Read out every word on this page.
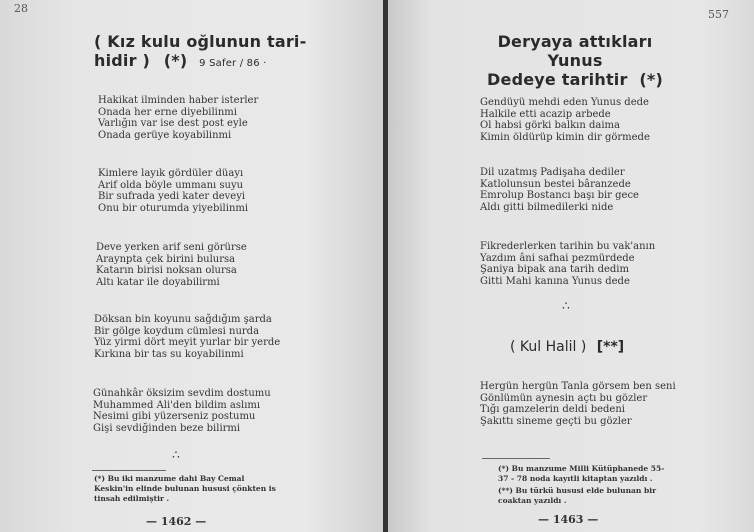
28
( Kız kulu oğlunun tari-
hidir ) (*) 9 Safer / 86 ·
Hakikat ilminden haber isterler
Onada her erne diyebilinmi
Varlığın var ise dest post eyle
Onada gerüye koyabilinmi
Kimlere layık gördüler düayı
Arif olda böyle ummanı suyu
Bir sufrada yedi kater deveyi
Onu bir oturumda yiyebilinmi
Deve yerken arif seni görürse
Araynpta çek birini bulursa
Katarın birisi noksan olursa
Altı katar ile doyabilirmi
Döksan bin koyunu sağdığım şarda
Bir gölge koydum cümlesi nurda
Yüz yirmi dört meyit yurlar bir yerde
Kırkına bir tas su koyabilinmi
Günahkâr öksizim sevdim dostumu
Muhammed Ali'den bildim aslımı
Nesimi gibi yüzerseniz postumu
Gişi sevdiğinden beze bilirmi
∴
(*) Bu iki manzume dahi Bay Cemal
Keskin'in elinde bulunan hususi çönkten is
tinsah edilmiştir .
— 1462 —
557
Deryaya attıkları Yunus
Dedeye tarihtir (*)
Gendüyü mehdi eden Yunus dede
Halkile etti acazip arbede
Ol habsi görki balkın daima
Kimin öldürüp kimin dir görmede
Dil uzatmış Padişaha dediler
Katlolunsun bestei bâranzede
Emrolup Bostancı başı bir gece
Aldı gitti bilmedilerki nide
Fikrederlerken tarihin bu vak'anın
Yazdım âni safhai pezmürdede
Şaniya bipak ana tarih dedim
Gitti Mahi kanına Yunus dede
∴
( Kul Halil ) [**]
Hergün hergün Tanla görsem ben seni
Gönlümün aynesin açtı bu gözler
Tığı gamzelerin deldi bedeni
Şakıttı sineme geçti bu gözler
(*) Bu manzume Milli Kütüphanede 55-
37 - 78 noda kayıtli kitaptan yazıldı .
(**) Bu türkü hususi elde bulunan bir
coaktan yazıldı .
— 1463 —
